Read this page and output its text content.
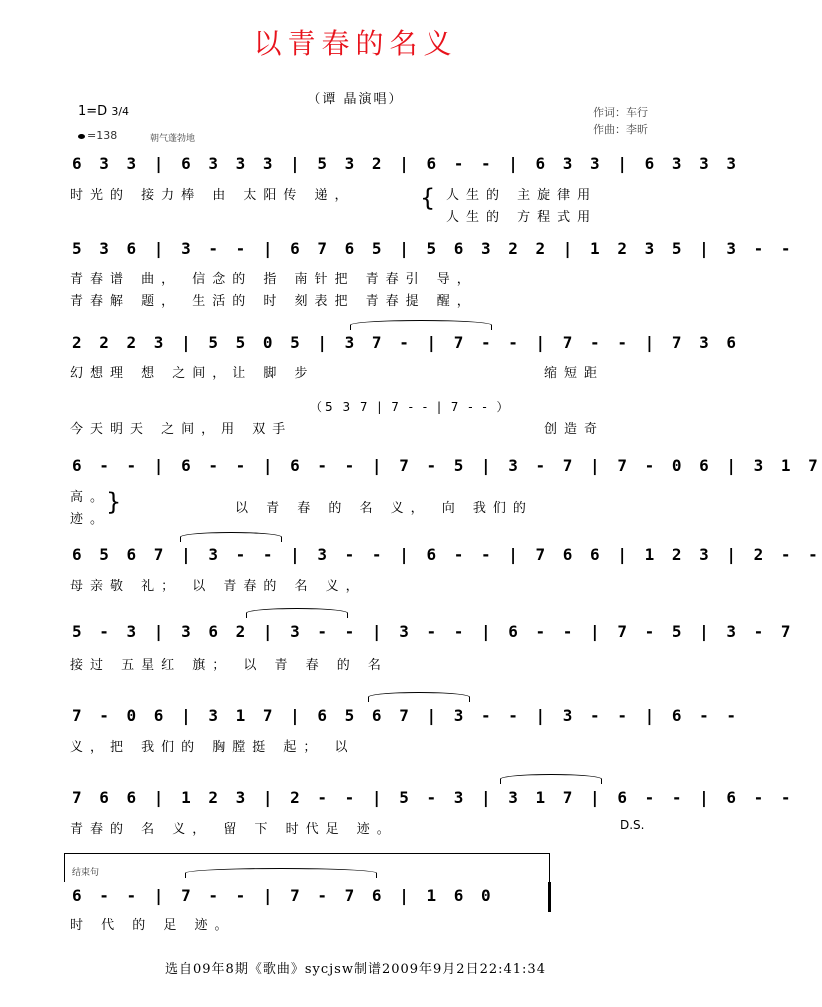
以青春的名义
（谭 晶演唱）
1=D 3/4
=138	朝气蓬勃地
作词：车行
作曲：李昕
6 3 3 | 6 3 3 3 | 5 3 2 | 6 - - | 6 3 3 | 6 3 3 3
时光的 接力棒 由 太阳传 递，	{ 人生的 主旋律用
人生的 方程式用
5 3 6 | 3 - - | 6 7 6 5 | 5 6 3 2 2 | 1 2 3 5 | 3 - -
青春谱 曲， 信念的 指 南针把 青春引 导，
青春解 题， 生活的 时 刻表把 青春提 醒，
2 2 2 3 | 5 5 0 5 | 3 7 - | 7 - - | 7 - - | 7 3 6
幻想理 想 之间，让 脚 步	缩短距
（5 3 7 | 7 - - | 7 - - ）
今天明天 之间，用 双手	创造奇
6 - - | 6 - - | 6 - - | 7 - 5 | 3 - 7 | 7 - 0 6 | 3 1 7
高。
迹。
}	以 青 春 的 名 义， 向 我们的
6 5 6 7 | 3 - - | 3 - - | 6 - - | 7 6 6 | 1 2 3 | 2 - -
母亲敬 礼； 以 青春的 名 义，
5 - 3 | 3 6 2 | 3 - - | 3 - - | 6 - - | 7 - 5 | 3 - 7
接过 五星红 旗； 以 青 春 的 名
7 - 0 6 | 3 1 7 | 6 5 6 7 | 3 - - | 3 - - | 6 - -
义，把 我们的 胸膛挺 起； 以
7 6 6 | 1 2 3 | 2 - - | 5 - 3 | 3 1 7 | 6 - - | 6 - -
青春的 名 义， 留 下 时代足 迹。	D.S.
结束句
6 - - | 7 - - | 7 - 7 6 | 1 6 0
时 代 的 足 迹。
选自09年8期《歌曲》sycjsw制谱2009年9月2日22:41:34
